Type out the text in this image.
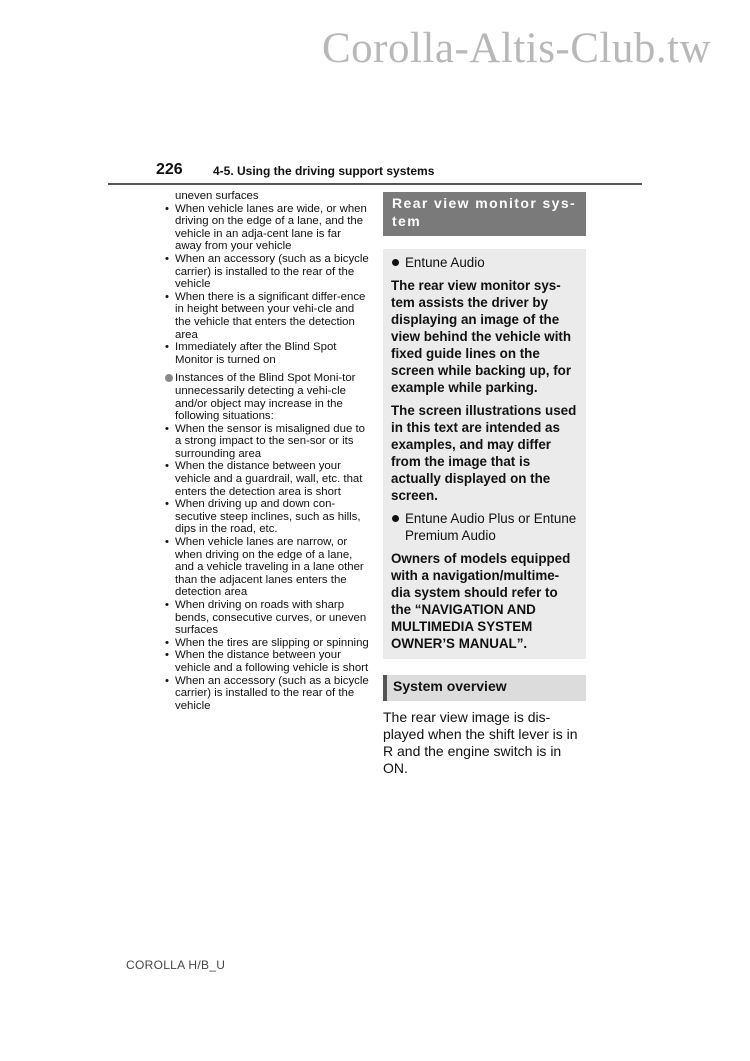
Corolla-Altis-Club.tw
226	4-5. Using the driving support systems
uneven surfaces
• When vehicle lanes are wide, or when driving on the edge of a lane, and the vehicle in an adja-cent lane is far away from your vehicle
• When an accessory (such as a bicycle carrier) is installed to the rear of the vehicle
• When there is a significant differ-ence in height between your vehi-cle and the vehicle that enters the detection area
• Immediately after the Blind Spot Monitor is turned on
Instances of the Blind Spot Moni-tor unnecessarily detecting a vehi-cle and/or object may increase in the following situations:
• When the sensor is misaligned due to a strong impact to the sen-sor or its surrounding area
• When the distance between your vehicle and a guardrail, wall, etc. that enters the detection area is short
• When driving up and down con-secutive steep inclines, such as hills, dips in the road, etc.
• When vehicle lanes are narrow, or when driving on the edge of a lane, and a vehicle traveling in a lane other than the adjacent lanes enters the detection area
• When driving on roads with sharp bends, consecutive curves, or uneven surfaces
• When the tires are slipping or spinning
• When the distance between your vehicle and a following vehicle is short
• When an accessory (such as a bicycle carrier) is installed to the rear of the vehicle
Rear view monitor sys-tem
Entune Audio
The rear view monitor sys-tem assists the driver by displaying an image of the view behind the vehicle with fixed guide lines on the screen while backing up, for example while parking.
The screen illustrations used in this text are intended as examples, and may differ from the image that is actually displayed on the screen.
Entune Audio Plus or Entune Premium Audio
Owners of models equipped with a navigation/multime-dia system should refer to the “NAVIGATION AND MULTIMEDIA SYSTEM OWNER’S MANUAL”.
System overview
The rear view image is dis-played when the shift lever is in R and the engine switch is in ON.
COROLLA H/B_U
